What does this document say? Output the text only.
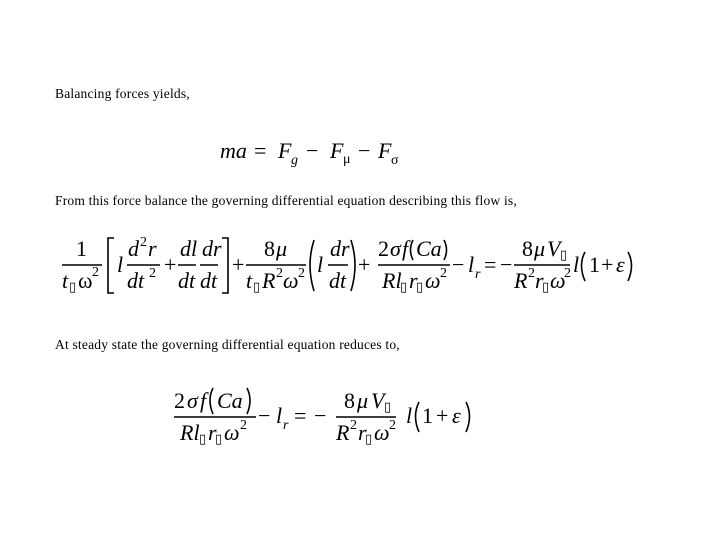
Balancing forces yields,
ma = F g − F μ − F σ
From this force balance the governing differential equation describing this flow is,
1
t ▯ ω 2 l
d 2 r
dt 2 +
dl
dt
dr
dt
+
8 μ
t ▯ R 2 ω 2 l
dr
dt
+
2 σ f Ca
Rl
▯ r
▯ ω 2 − l r = −
8 μ V ▯
R 2 r
▯ ω
2 l 1 + ε
At steady state the governing differential equation reduces to,
2 σ f Ca
Rl ▯ r
▯ ω 2 − l r = −
8 μ V ▯
R 2 r
▯ ω 2 l 1 + ε
